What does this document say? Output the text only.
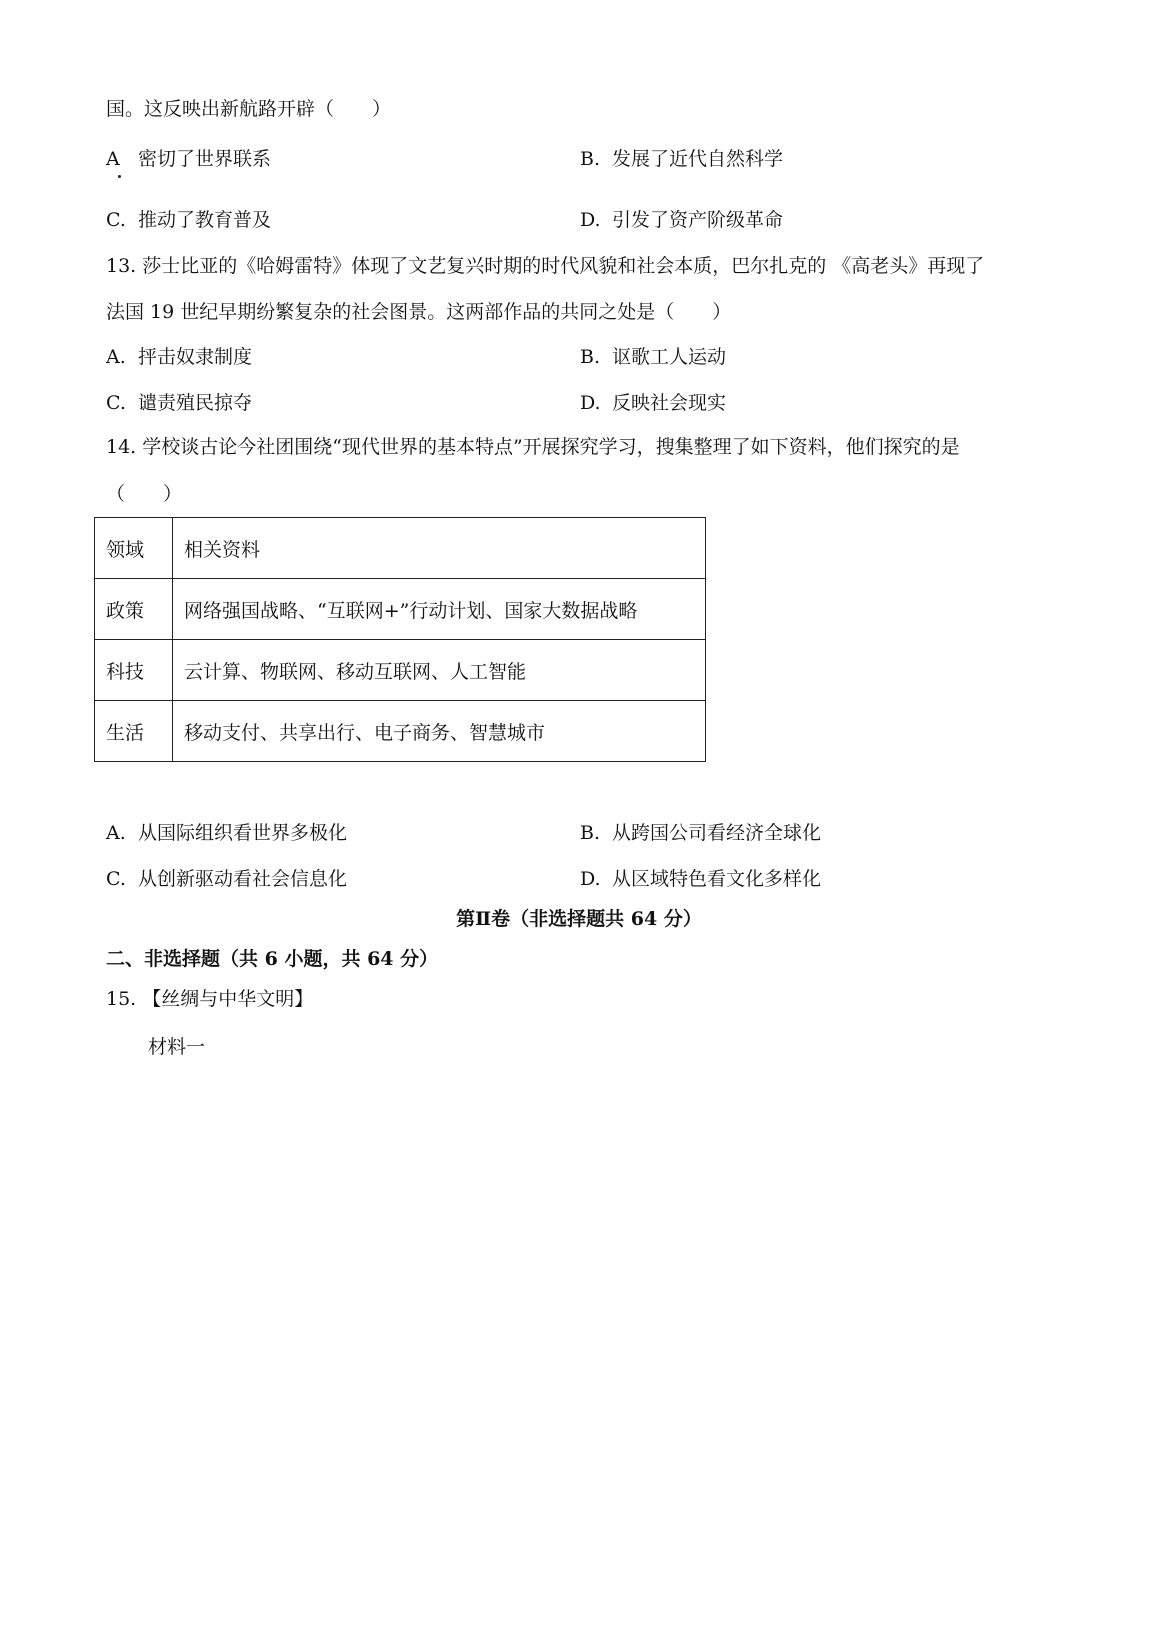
国。这反映出新航路开辟（　　）
A 密切了世界联系	B. 发展了近代自然科学
C. 推动了教育普及	D. 引发了资产阶级革命
13. 莎士比亚的《哈姆雷特》体现了文艺复兴时期的时代风貌和社会本质，巴尔扎克的 《高老头》再现了
法国 19 世纪早期纷繁复杂的社会图景。这两部作品的共同之处是（　　）
A. 抨击奴隶制度	B. 讴歌工人运动
C. 谴责殖民掠夺	D. 反映社会现实
14. 学校谈古论今社团围绕“现代世界的基本特点”开展探究学习，搜集整理了如下资料，他们探究的是
（　　）
领域	相关资料
政策	网络强国战略、“互联网+”行动计划、国家大数据战略
科技	云计算、物联网、移动互联网、人工智能
生活	移动支付、共享出行、电子商务、智慧城市
A. 从国际组织看世界多极化	B. 从跨国公司看经济全球化
C. 从创新驱动看社会信息化	D. 从区域特色看文化多样化
第Ⅱ卷（非选择题共 64 分）
二、非选择题（共 6 小题，共 64 分）
15. 【丝绸与中华文明】
材料一
